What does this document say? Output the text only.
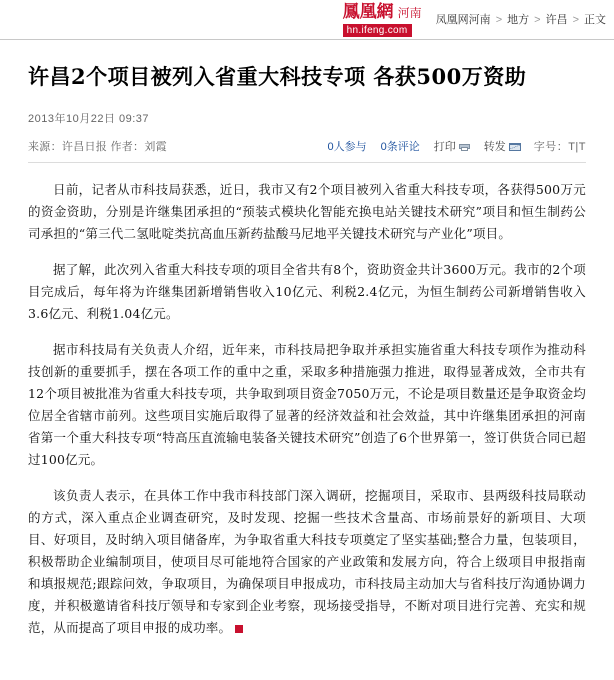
鳳凰網 河南
hn.ifeng.com
凤凰网河南 > 地方 > 许昌 > 正文
许昌2个项目被列入省重大科技专项 各获500万资助
2013年10月22日 09:37
来源：许昌日报 作者：刘霞	0人参与 0条评论 打印	转发	字号：T|T

日前，记者从市科技局获悉，近日，我市又有2个项目被列入省重大科技专项，各获得500万元的资金资助，分别是许继集团承担的“预装式模块化智能充换电站关键技术研究”项目和恒生制药公司承担的“第三代二氢吡啶类抗高血压新药盐酸马尼地平关键技术研究与产业化”项目。

据了解，此次列入省重大科技专项的项目全省共有8个，资助资金共计3600万元。我市的2个项目完成后，每年将为许继集团新增销售收入10亿元、利税2.4亿元，为恒生制药公司新增销售收入3.6亿元、利税1.04亿元。

据市科技局有关负责人介绍，近年来，市科技局把争取并承担实施省重大科技专项作为推动科技创新的重要抓手，摆在各项工作的重中之重，采取多种措施强力推进，取得显著成效，全市共有12个项目被批准为省重大科技专项，共争取到项目资金7050万元，不论是项目数量还是争取资金均位居全省辖市前列。这些项目实施后取得了显著的经济效益和社会效益，其中许继集团承担的河南省第一个重大科技专项“特高压直流输电装备关键技术研究”创造了6个世界第一，签订供货合同已超过100亿元。

该负责人表示，在具体工作中我市科技部门深入调研，挖掘项目，采取市、县两级科技局联动的方式，深入重点企业调查研究，及时发现、挖掘一些技术含量高、市场前景好的新项目、大项目、好项目，及时纳入项目储备库，为争取省重大科技专项奠定了坚实基础;整合力量，包装项目，积极帮助企业编制项目，使项目尽可能地符合国家的产业政策和发展方向，符合上级项目申报指南和填报规范;跟踪问效，争取项目，为确保项目申报成功，市科技局主动加大与省科技厅沟通协调力度，并积极邀请省科技厅领导和专家到企业考察，现场接受指导，不断对项目进行完善、充实和规范，从而提高了项目申报的成功率。
